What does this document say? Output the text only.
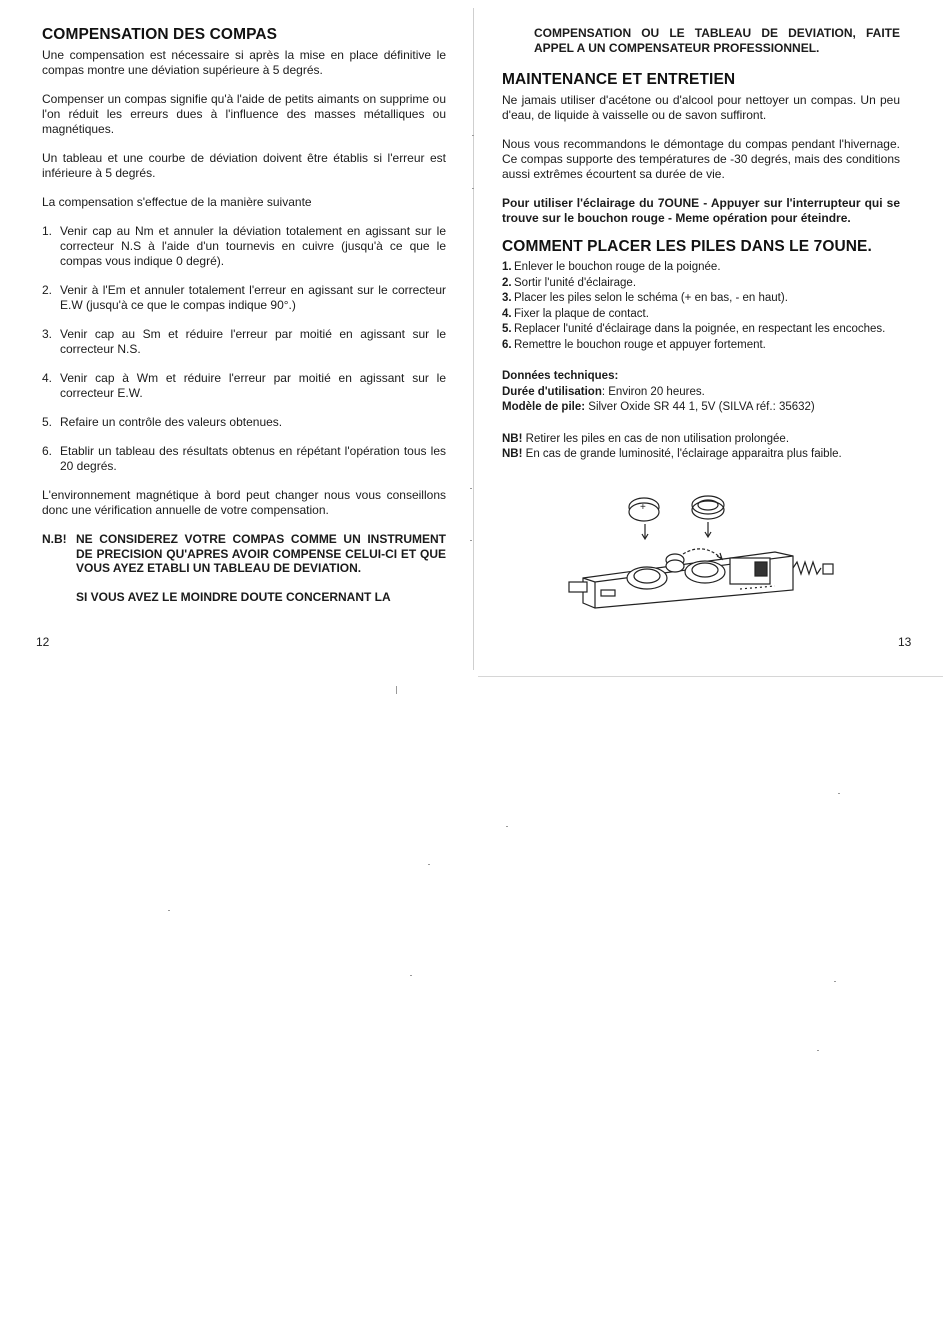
COMPENSATION DES COMPAS

Une compensation est nécessaire si après la mise en place définitive le compas montre une déviation supérieure à 5 degrés.

Compenser un compas signifie qu'à l'aide de petits aimants on supprime ou l'on réduit les erreurs dues à l'influence des masses métalliques ou magnétiques.

Un tableau et une courbe de déviation doivent être établis si l'erreur est inférieure à 5 degrés.

La compensation s'effectue de la manière suivante

1. Venir cap au Nm et annuler la déviation totalement en agissant sur le correcteur N.S à l'aide d'un tournevis en cuivre (jusqu'à ce que le compas vous indique 0 degré).
2. Venir à l'Em et annuler totalement l'erreur en agissant sur le correcteur E.W (jusqu'à ce que le compas indique 90°.)
3. Venir cap au Sm et réduire l'erreur par moitié en agissant sur le correcteur N.S.
4. Venir cap à Wm et réduire l'erreur par moitié en agissant sur le correcteur E.W.
5. Refaire un contrôle des valeurs obtenues.
6. Etablir un tableau des résultats obtenus en répétant l'opération tous les 20 degrés.

L'environnement magnétique à bord peut changer nous vous conseillons donc une vérification annuelle de votre compensation.

N.B! NE CONSIDEREZ VOTRE COMPAS COMME UN INSTRUMENT DE PRECISION QU'APRES AVOIR COMPENSE CELUI-CI ET QUE VOUS AYEZ ETABLI UN TABLEAU DE DEVIATION.
SI VOUS AVEZ LE MOINDRE DOUTE CONCERNANT LA
12
COMPENSATION OU LE TABLEAU DE DEVIATION, FAITE APPEL A UN COMPENSATEUR PROFESSIONNEL.
MAINTENANCE ET ENTRETIEN

Ne jamais utiliser d'acétone ou d'alcool pour nettoyer un compas. Un peu d'eau, de liquide à vaisselle ou de savon suffiront.

Nous vous recommandons le démontage du compas pendant l'hivernage. Ce compas supporte des températures de -30 degrés, mais des conditions aussi extrêmes écourtent sa durée de vie.

Pour utiliser l'éclairage du 7OUNE - Appuyer sur l'interrupteur qui se trouve sur le bouchon rouge - Meme opération pour éteindre.

COMMENT PLACER LES PILES DANS LE 7OUNE.
1. Enlever le bouchon rouge de la poignée.
2. Sortir l'unité d'éclairage.
3. Placer les piles selon le schéma (+ en bas, - en haut).
4. Fixer la plaque de contact.
5. Replacer l'unité d'éclairage dans la poignée, en respectant les encoches.
6. Remettre le bouchon rouge et appuyer fortement.
Données techniques:
Durée d'utilisation: Environ 20 heures.
Modèle de pile: Silver Oxide SR 44 1, 5V (SILVA réf.: 35632)
NB! Retirer les piles en cas de non utilisation prolongée.
NB! En cas de grande luminosité, l'éclairage apparaitra plus faible.
13
+
